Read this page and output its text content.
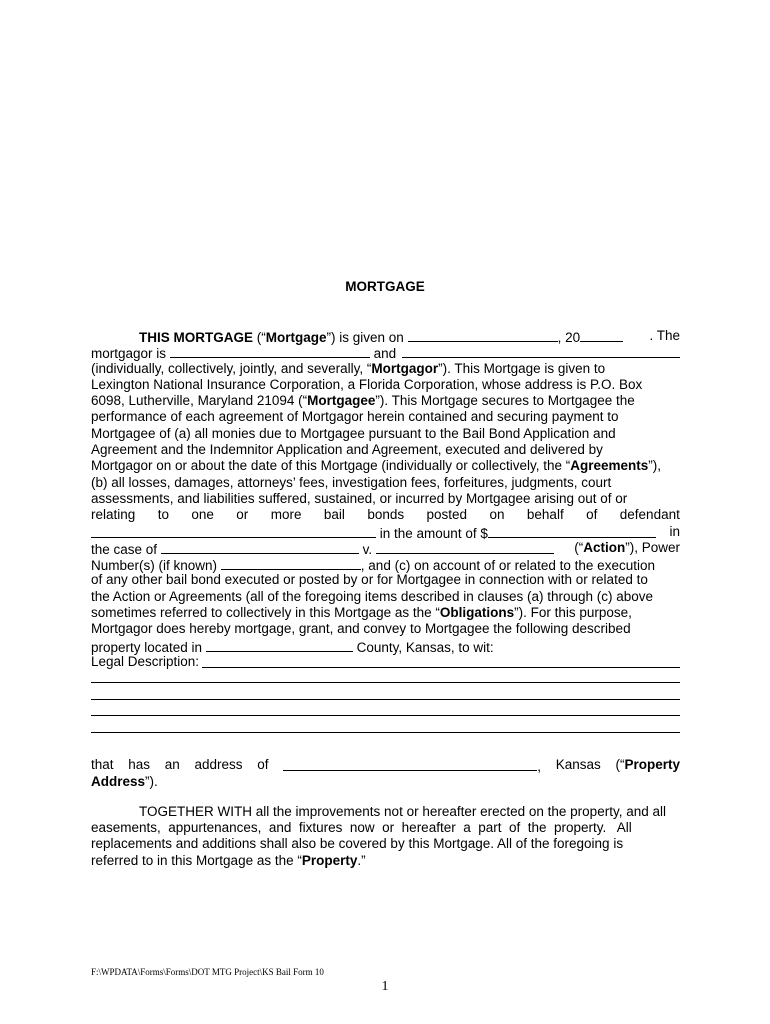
MORTGAGE
THIS MORTGAGE (“Mortgage”) is given on	, 20	. The
mortgagor is	and
(individually, collectively, jointly, and severally, “Mortgagor”). This Mortgage is given to
Lexington National Insurance Corporation, a Florida Corporation, whose address is P.O. Box
6098, Lutherville, Maryland 21094 (“Mortgagee”). This Mortgage secures to Mortgagee the
performance of each agreement of Mortgagor herein contained and securing payment to
Mortgagee of (a) all monies due to Mortgagee pursuant to the Bail Bond Application and
Agreement and the Indemnitor Application and Agreement, executed and delivered by
Mortgagor on or about the date of this Mortgage (individually or collectively, the “Agreements”),
(b) all losses, damages, attorneys’ fees, investigation fees, forfeitures, judgments, court
assessments, and liabilities suffered, sustained, or incurred by Mortgagee arising out of or
relating to one or more bail bonds posted on behalf of defendant
in the amount of $	in
the case of	v.	(“Action”), Power
Number(s) (if known)	, and (c) on account of or related to the execution
of any other bail bond executed or posted by or for Mortgagee in connection with or related to
the Action or Agreements (all of the foregoing items described in clauses (a) through (c) above
sometimes referred to collectively in this Mortgage as the “Obligations”). For this purpose,
Mortgagor does hereby mortgage, grant, and convey to Mortgagee the following described
property located in	County, Kansas, to wit:
Legal Description:
that has an address of	, Kansas (“Property
Address”).
TOGETHER WITH all the improvements not or hereafter erected on the property, and all
easements,  appurtenances,  and  fixtures  now  or  hereafter  a  part  of  the  property.   All
replacements and additions shall also be covered by this Mortgage. All of the foregoing is
referred to in this Mortgage as the “Property.”
F:\WPDATA\Forms\Forms\DOT MTG Project\KS Bail Form 10
1
